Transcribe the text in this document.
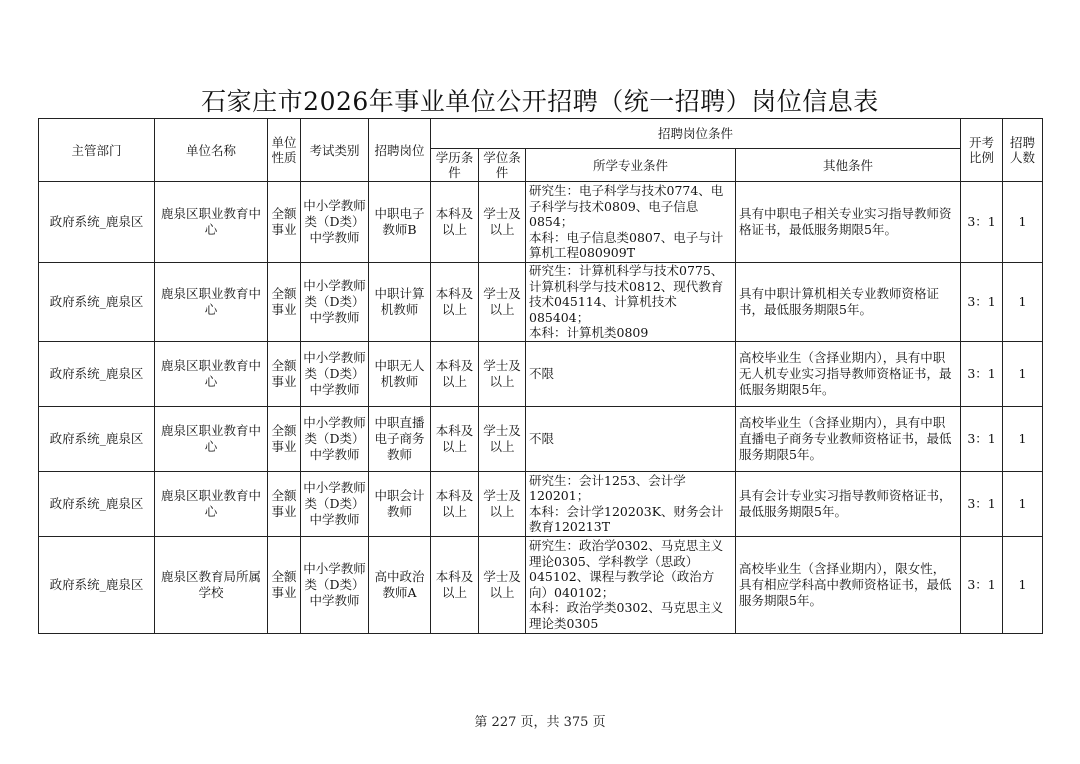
石家庄市2026年事业单位公开招聘（统一招聘）岗位信息表
主管部门	单位名称	单位性质	考试类别	招聘岗位	招聘岗位条件				开考比例	招聘人数
					学历条件	学位条件	所学专业条件	其他条件		
政府系统_鹿泉区	鹿泉区职业教育中心	全额事业	中小学教师类（D类）中学教师	中职电子教师B	本科及以上	学士及以上	研究生：电子科学与技术0774、电子科学与技术0809、电子信息0854；
本科：电子信息类0807、电子与计算机工程080909T	具有中职电子相关专业实习指导教师资格证书，最低服务期限5年。	3：1	1
政府系统_鹿泉区	鹿泉区职业教育中心	全额事业	中小学教师类（D类）中学教师	中职计算机教师	本科及以上	学士及以上	研究生：计算机科学与技术0775、计算机科学与技术0812、现代教育技术045114、计算机技术085404；
本科：计算机类0809	具有中职计算机相关专业教师资格证书，最低服务期限5年。	3：1	1
政府系统_鹿泉区	鹿泉区职业教育中心	全额事业	中小学教师类（D类）中学教师	中职无人机教师	本科及以上	学士及以上	不限	高校毕业生（含择业期内），具有中职无人机专业实习指导教师资格证书，最低服务期限5年。	3：1	1
政府系统_鹿泉区	鹿泉区职业教育中心	全额事业	中小学教师类（D类）中学教师	中职直播电子商务教师	本科及以上	学士及以上	不限	高校毕业生（含择业期内），具有中职直播电子商务专业教师资格证书，最低服务期限5年。	3：1	1
政府系统_鹿泉区	鹿泉区职业教育中心	全额事业	中小学教师类（D类）中学教师	中职会计教师	本科及以上	学士及以上	研究生：会计1253、会计学120201；
本科：会计学120203K、财务会计教育120213T	具有会计专业实习指导教师资格证书，最低服务期限5年。	3：1	1
政府系统_鹿泉区	鹿泉区教育局所属学校	全额事业	中小学教师类（D类）中学教师	高中政治教师A	本科及以上	学士及以上	研究生：政治学0302、马克思主义理论0305、学科教学（思政）045102、课程与教学论（政治方向）040102；
本科：政治学类0302、马克思主义理论类0305	高校毕业生（含择业期内），限女性，具有相应学科高中教师资格证书，最低服务期限5年。	3：1	1
第 227 页，共 375 页
